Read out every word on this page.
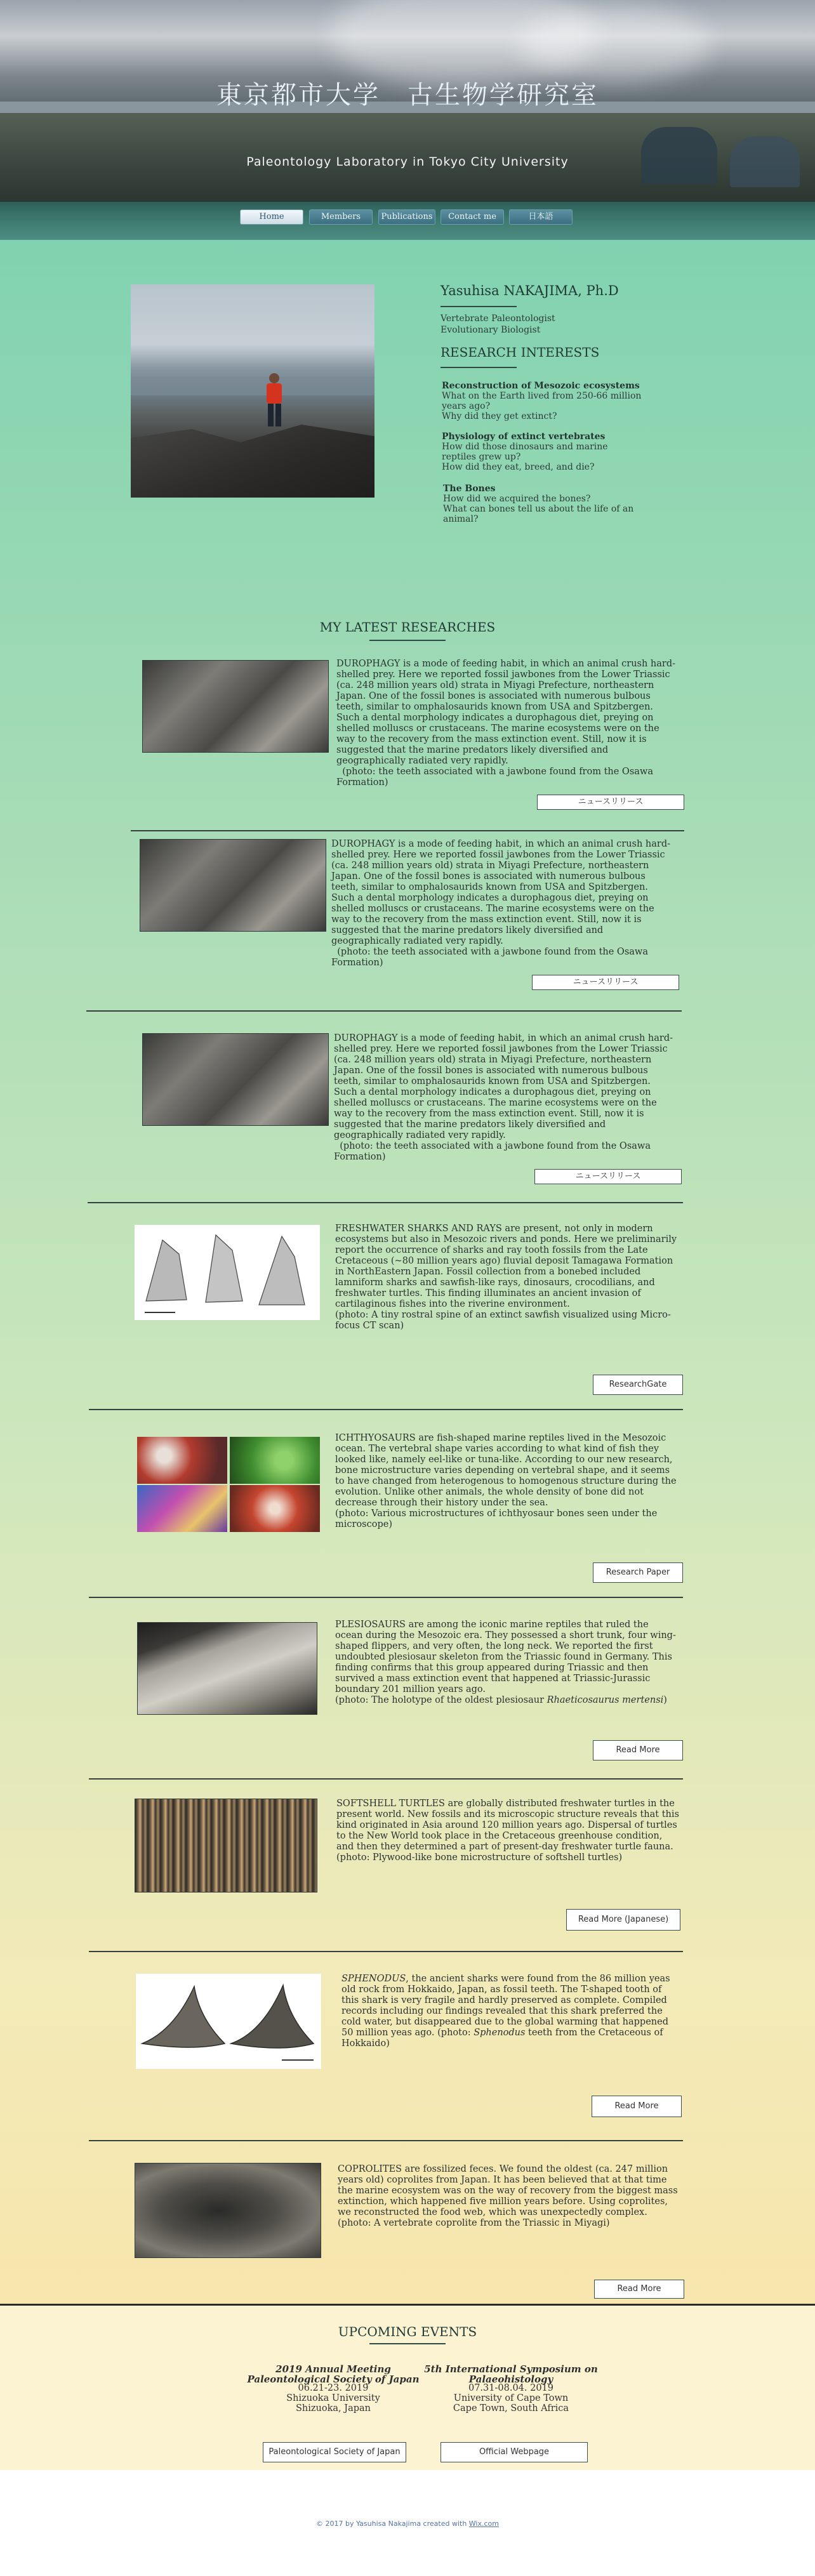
東京都市大学　古生物学研究室
Paleontology Laboratory in Tokyo City University
Home	Members	Publications	Contact me	日本語
Yasuhisa NAKAJIMA, Ph.D
Vertebrate Paleontologist
Evolutionary Biologist
RESEARCH INTERESTS
Reconstruction of Mesozoic ecosystems
What on the Earth lived from 250-66 million
years ago?
Why did they get extinct?
Physiology of extinct vertebrates
How did those dinosaurs and marine
reptiles grew up?
How did they eat, breed, and die?
The Bones
How did we acquired the bones?
What can bones tell us about the life of an
animal?
MY LATEST RESEARCHES
DUROPHAGY is a mode of feeding habit, in which an animal crush hard-shelled prey. Here we reported fossil jawbones from the Lower Triassic (ca. 248 million years old) strata in Miyagi Prefecture, northeastern Japan. One of the fossil bones is associated with numerous bulbous teeth, similar to omphalosaurids known from USA and Spitzbergen. Such a dental morphology indicates a durophagous diet, preying on shelled molluscs or crustaceans. The marine ecosystems were on the way to the recovery from the mass extinction event. Still, now it is suggested that the marine predators likely diversified and geographically radiated very rapidly.
(photo: the teeth associated with a jawbone found from the Osawa Formation)
ニュースリリース
DUROPHAGY is a mode of feeding habit, in which an animal crush hard-shelled prey. Here we reported fossil jawbones from the Lower Triassic (ca. 248 million years old) strata in Miyagi Prefecture, northeastern Japan. One of the fossil bones is associated with numerous bulbous teeth, similar to omphalosaurids known from USA and Spitzbergen. Such a dental morphology indicates a durophagous diet, preying on shelled molluscs or crustaceans. The marine ecosystems were on the way to the recovery from the mass extinction event. Still, now it is suggested that the marine predators likely diversified and geographically radiated very rapidly.
(photo: the teeth associated with a jawbone found from the Osawa Formation)
ニュースリリース
DUROPHAGY is a mode of feeding habit, in which an animal crush hard-shelled prey. Here we reported fossil jawbones from the Lower Triassic (ca. 248 million years old) strata in Miyagi Prefecture, northeastern Japan. One of the fossil bones is associated with numerous bulbous teeth, similar to omphalosaurids known from USA and Spitzbergen. Such a dental morphology indicates a durophagous diet, preying on shelled molluscs or crustaceans. The marine ecosystems were on the way to the recovery from the mass extinction event. Still, now it is suggested that the marine predators likely diversified and geographically radiated very rapidly.
(photo: the teeth associated with a jawbone found from the Osawa Formation)
ニュースリリース
FRESHWATER SHARKS AND RAYS are present, not only in modern ecosystems but also in Mesozoic rivers and ponds. Here we preliminarily report the occurrence of sharks and ray tooth fossils from the Late Cretaceous (~80 million years ago) fluvial deposit Tamagawa Formation in NorthEastern Japan. Fossil collection from a bonebed included lamniform sharks and sawfish-like rays, dinosaurs, crocodilians, and freshwater turtles. This finding illuminates an ancient invasion of cartilaginous fishes into the riverine environment.
(photo: A tiny rostral spine of an extinct sawfish visualized using Micro-focus CT scan)
ResearchGate
ICHTHYOSAURS are fish-shaped marine reptiles lived in the Mesozoic ocean. The vertebral shape varies according to what kind of fish they looked like, namely eel-like or tuna-like. According to our new research, bone microstructure varies depending on vertebral shape, and it seems to have changed from heterogenous to homogenous structure during the evolution. Unlike other animals, the whole density of bone did not decrease through their history under the sea.
(photo: Various microstructures of ichthyosaur bones seen under the microscope)
Research Paper
PLESIOSAURS are among the iconic marine reptiles that ruled the ocean during the Mesozoic era. They possessed a short trunk, four wing-shaped flippers, and very often, the long neck. We reported the first undoubted plesiosaur skeleton from the Triassic found in Germany. This finding confirms that this group appeared during Triassic and then survived a mass extinction event that happened at Triassic-Jurassic boundary 201 million years ago.
(photo: The holotype of the oldest plesiosaur Rhaeticosaurus mertensi)
Read More
SOFTSHELL TURTLES are globally distributed freshwater turtles in the present world. New fossils and its microscopic structure reveals that this kind originated in Asia around 120 million years ago. Dispersal of turtles to the New World took place in the Cretaceous greenhouse condition, and then they determined a part of present-day freshwater turtle fauna. (photo: Plywood-like bone microstructure of softshell turtles)
Read More (Japanese)
SPHENODUS, the ancient sharks were found from the 86 million yeas old rock from Hokkaido, Japan, as fossil teeth. The T-shaped tooth of this shark is very fragile and hardly preserved as complete. Compiled records including our findings revealed that this shark preferred the cold water, but disappeared due to the global warming that happened 50 million yeas ago. (photo: Sphenodus teeth from the Cretaceous of Hokkaido)
Read More
COPROLITES are fossilized feces. We found the oldest (ca. 247 million years old) coprolites from Japan. It has been believed that at that time the marine ecosystem was on the way of recovery from the biggest mass extinction, which happened five million years before. Using coprolites, we reconstructed the food web, which was unexpectedly complex. (photo: A vertebrate coprolite from the Triassic in Miyagi)
Read More
UPCOMING EVENTS
2019 Annual Meeting
Paleontological Society of Japan
06.21-23. 2019
Shizuoka University
Shizuoka, Japan
5th International Symposium on
Palaeohistology
07.31-08.04. 2019
University of Cape Town
Cape Town, South Africa
Paleontological Society of Japan	Official Webpage
© 2017 by Yasuhisa Nakajima created with Wix.com
